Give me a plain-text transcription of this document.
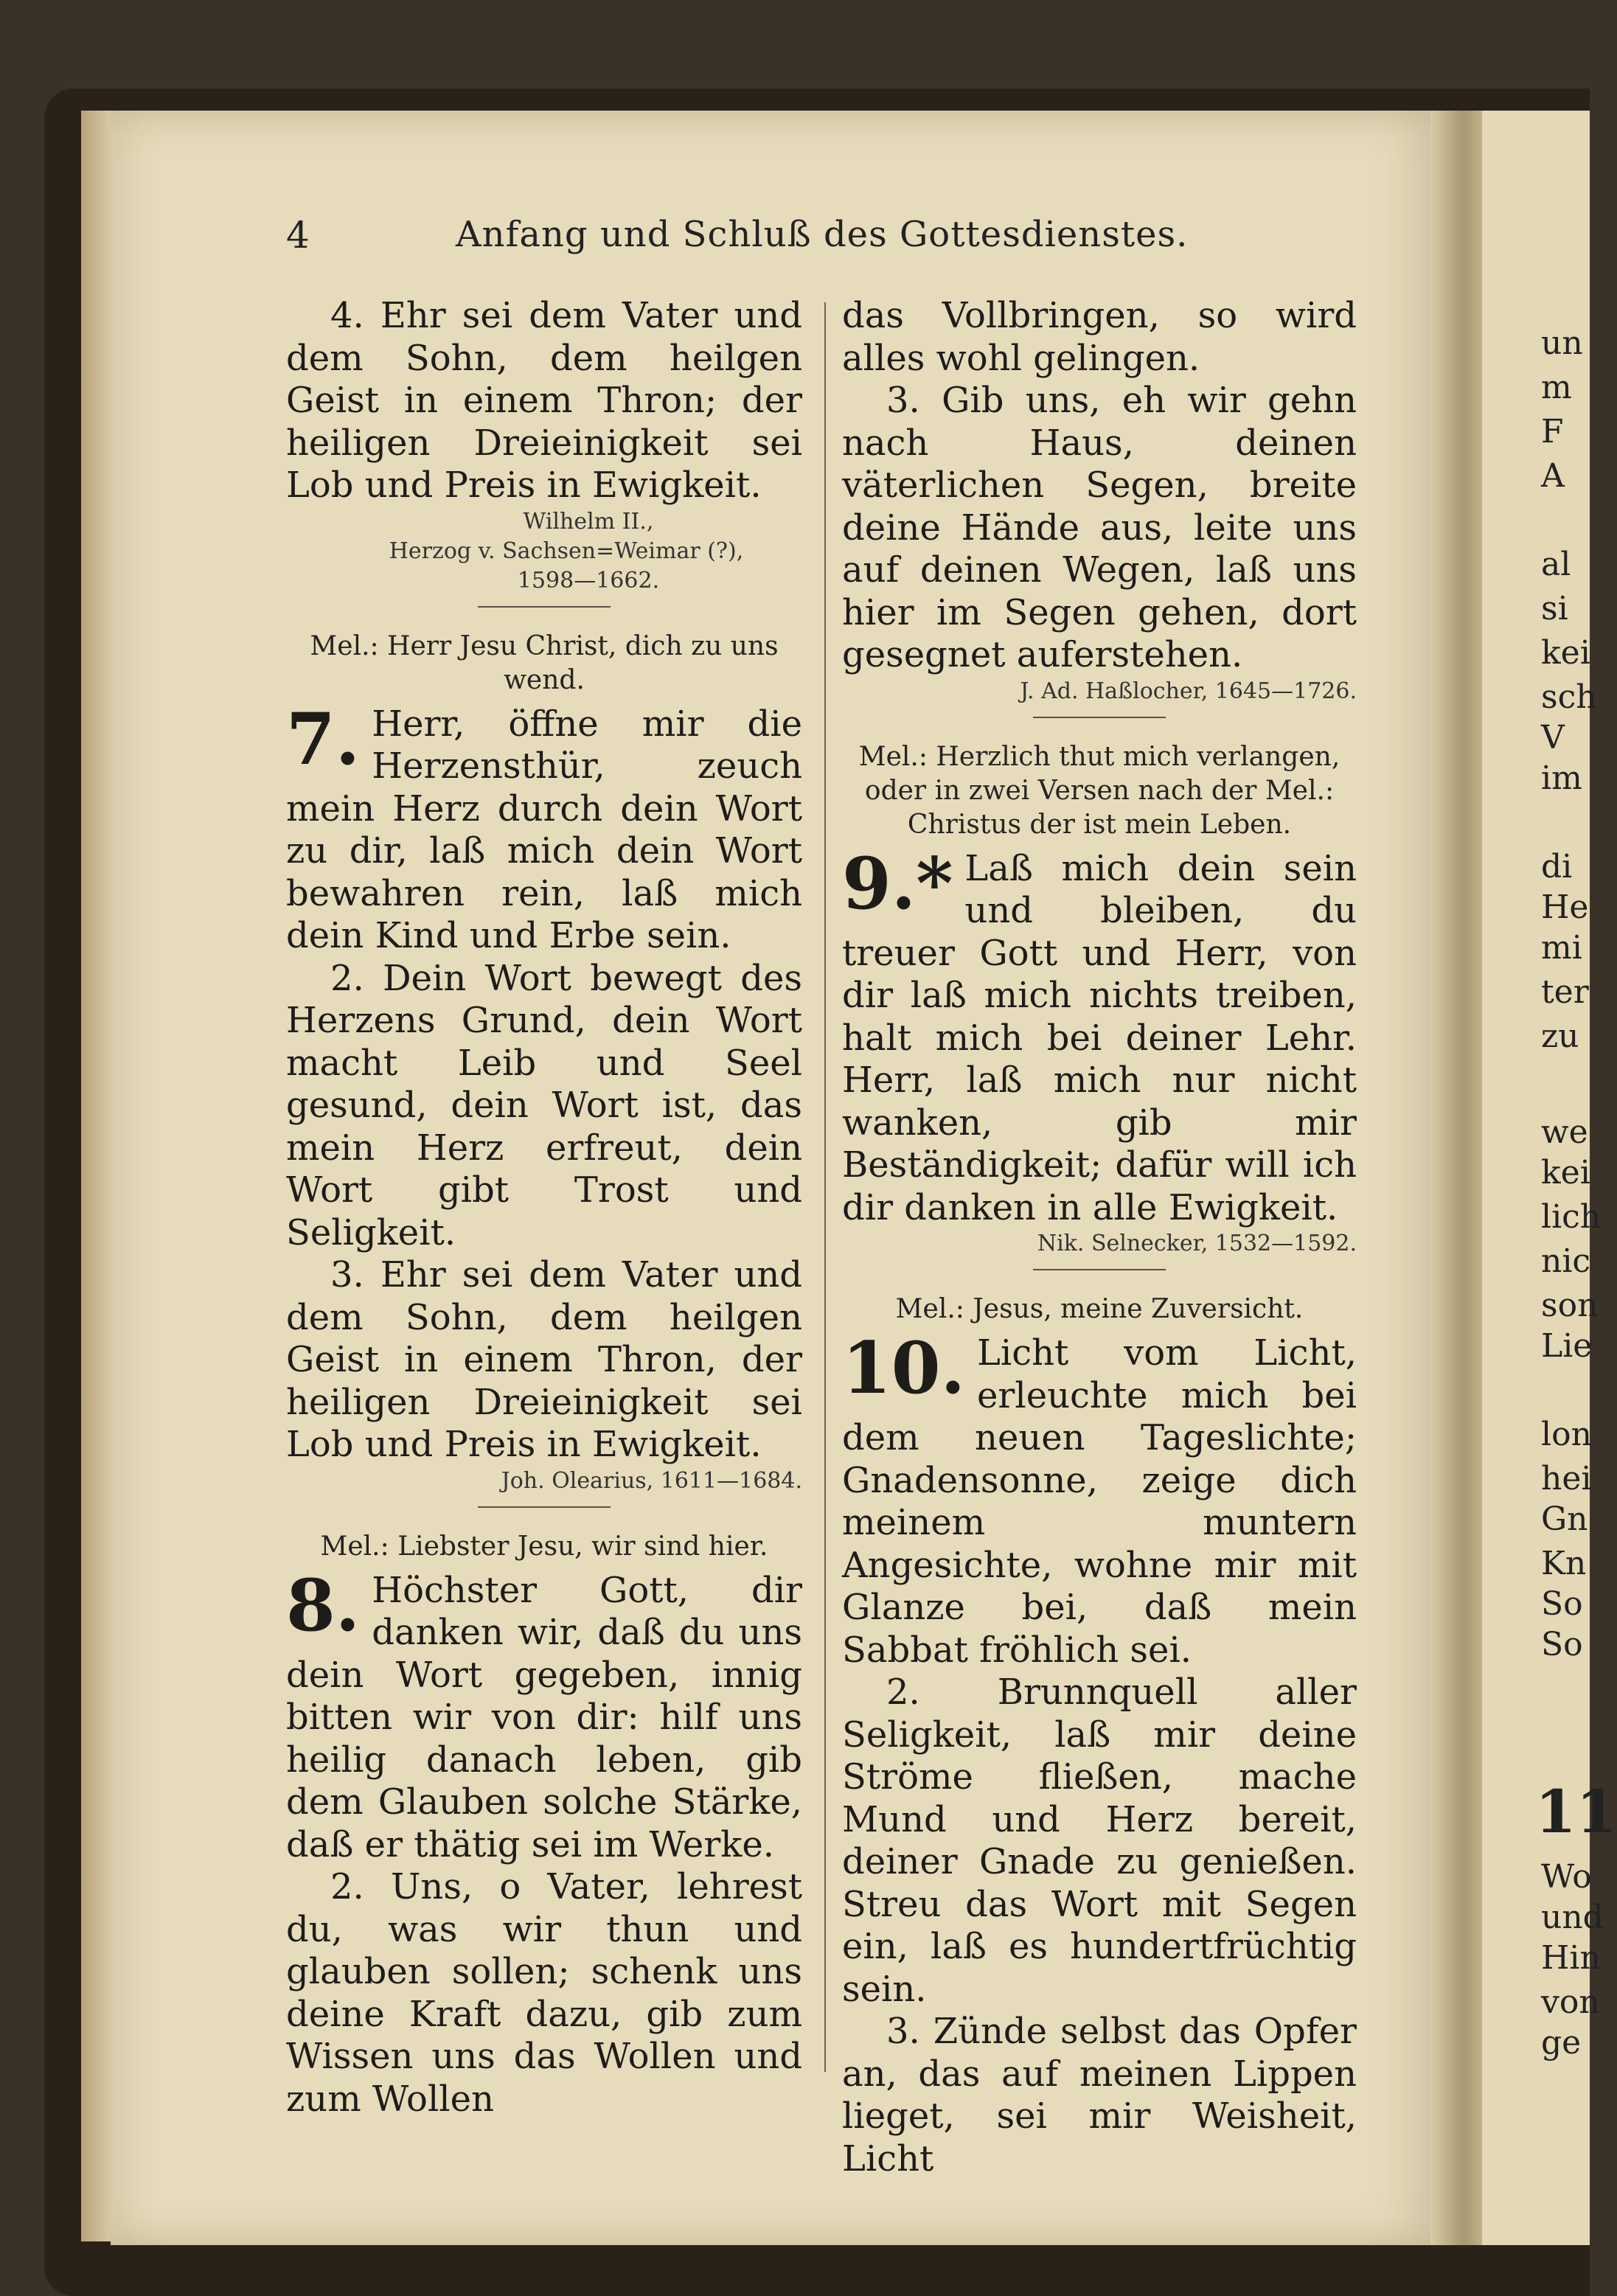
4	Anfang und Schluß des Gottesdienstes.

4. Ehr sei dem Vater und dem Sohn, dem heilgen Geist in einem Thron; der heiligen Dreieinigkeit sei Lob und Preis in Ewigkeit.

Wilhelm II.,
Herzog v. Sachsen=Weimar (?),
1598—1662.
Mel.: Herr Jesu Christ, dich zu uns wend.
7. Herr, öffne mir die Herzensthür, zeuch mein Herz durch dein Wort zu dir, laß mich dein Wort bewahren rein, laß mich dein Kind und Erbe sein.

2. Dein Wort bewegt des Herzens Grund, dein Wort macht Leib und Seel gesund, dein Wort ist, das mein Herz erfreut, dein Wort gibt Trost und Seligkeit.

3. Ehr sei dem Vater und dem Sohn, dem heilgen Geist in einem Thron, der heiligen Dreieinigkeit sei Lob und Preis in Ewigkeit.

Joh. Olearius, 1611—1684.
Mel.: Liebster Jesu, wir sind hier.
8. Höchster Gott, dir danken wir, daß du uns dein Wort gegeben, innig bitten wir von dir: hilf uns heilig danach leben, gib dem Glauben solche Stärke, daß er thätig sei im Werke.

2. Uns, o Vater, lehrest du, was wir thun und glauben sollen; schenk uns deine Kraft dazu, gib zum Wissen uns das Wollen und zum Wollen

das Vollbringen, so wird alles wohl gelingen.

3. Gib uns, eh wir gehn nach Haus, deinen väterlichen Segen, breite deine Hände aus, leite uns auf deinen Wegen, laß uns hier im Segen gehen, dort gesegnet auferstehen.

J. Ad. Haßlocher, 1645—1726.
Mel.: Herzlich thut mich verlangen, oder in zwei Versen nach der Mel.: Christus der ist mein Leben.
9.* Laß mich dein sein und bleiben, du treuer Gott und Herr, von dir laß mich nichts treiben, halt mich bei deiner Lehr. Herr, laß mich nur nicht wanken, gib mir Beständigkeit; dafür will ich dir danken in alle Ewigkeit.

Nik. Selnecker, 1532—1592.
Mel.: Jesus, meine Zuversicht.
10. Licht vom Licht, erleuchte mich bei dem neuen Tageslichte; Gnadensonne, zeige dich meinem muntern Angesichte, wohne mir mit Glanze bei, daß mein Sabbat fröhlich sei.

2. Brunnquell aller Seligkeit, laß mir deine Ströme fließen, mache Mund und Herz bereit, deiner Gnade zu genießen. Streu das Wort mit Segen ein, laß es hundertfrüchtig sein.

3. Zünde selbst das Opfer an, das auf meinen Lippen lieget, sei mir Weisheit, Licht

un
m
F
A
al
si
kei
sch
V
im
di
He
mi
ter
zu
we
kei
lich
nic
son
Lie
lon
hei
Gn
Kn
So
So
Wo
und
Hin
von
ge
11
